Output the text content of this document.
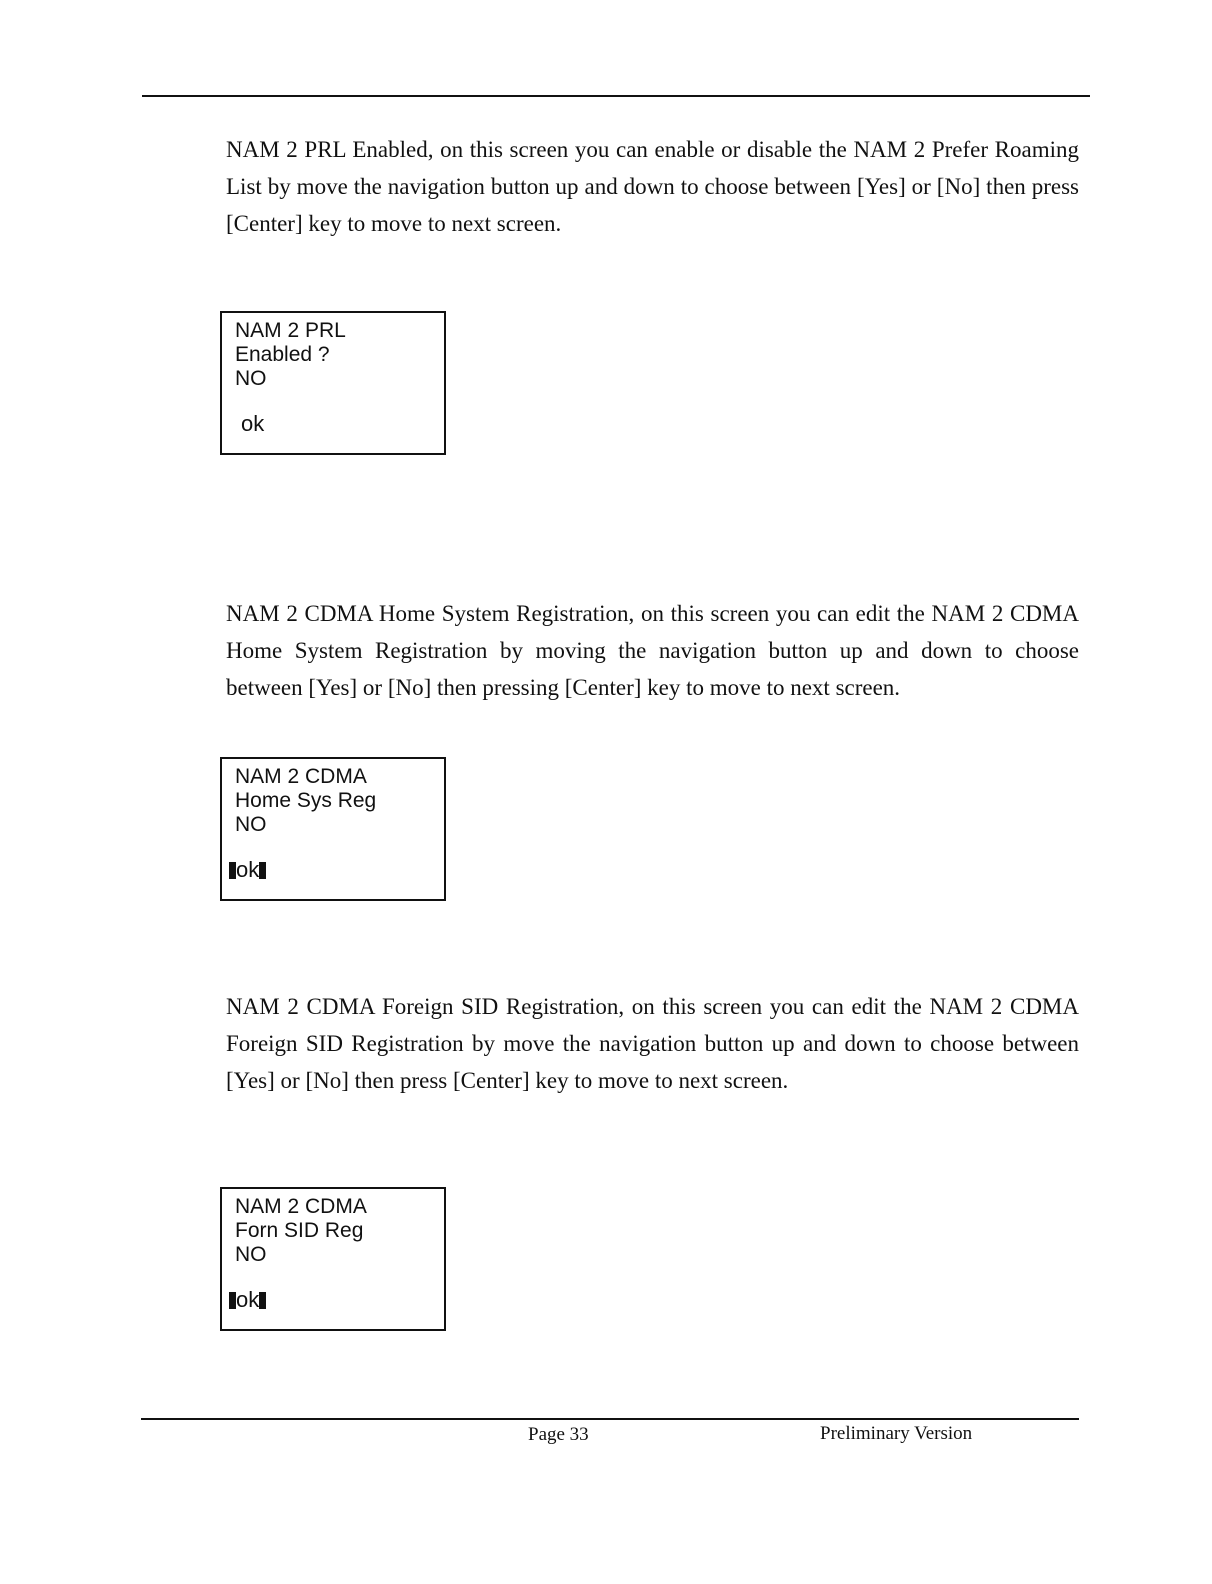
NAM 2 PRL Enabled, on this screen you can enable or disable the NAM 2 Prefer Roaming List by move the navigation button up and down to choose between [Yes] or [No] then press [Center] key to move to next screen.

NAM 2 PRL
Enabled ?
NO
ok

NAM 2 CDMA Home System Registration, on this screen you can edit the NAM 2 CDMA Home System Registration by moving the navigation button up and down to choose between [Yes] or [No] then pressing [Center] key to move to next screen.

NAM 2 CDMA
Home Sys Reg
NO
ok

NAM 2 CDMA Foreign SID Registration, on this screen you can edit the NAM 2 CDMA Foreign SID Registration by move the navigation button up and down to choose between [Yes] or [No] then press [Center] key to move to next screen.

NAM 2 CDMA
Forn SID Reg
NO
ok
Page 33	Preliminary Version
